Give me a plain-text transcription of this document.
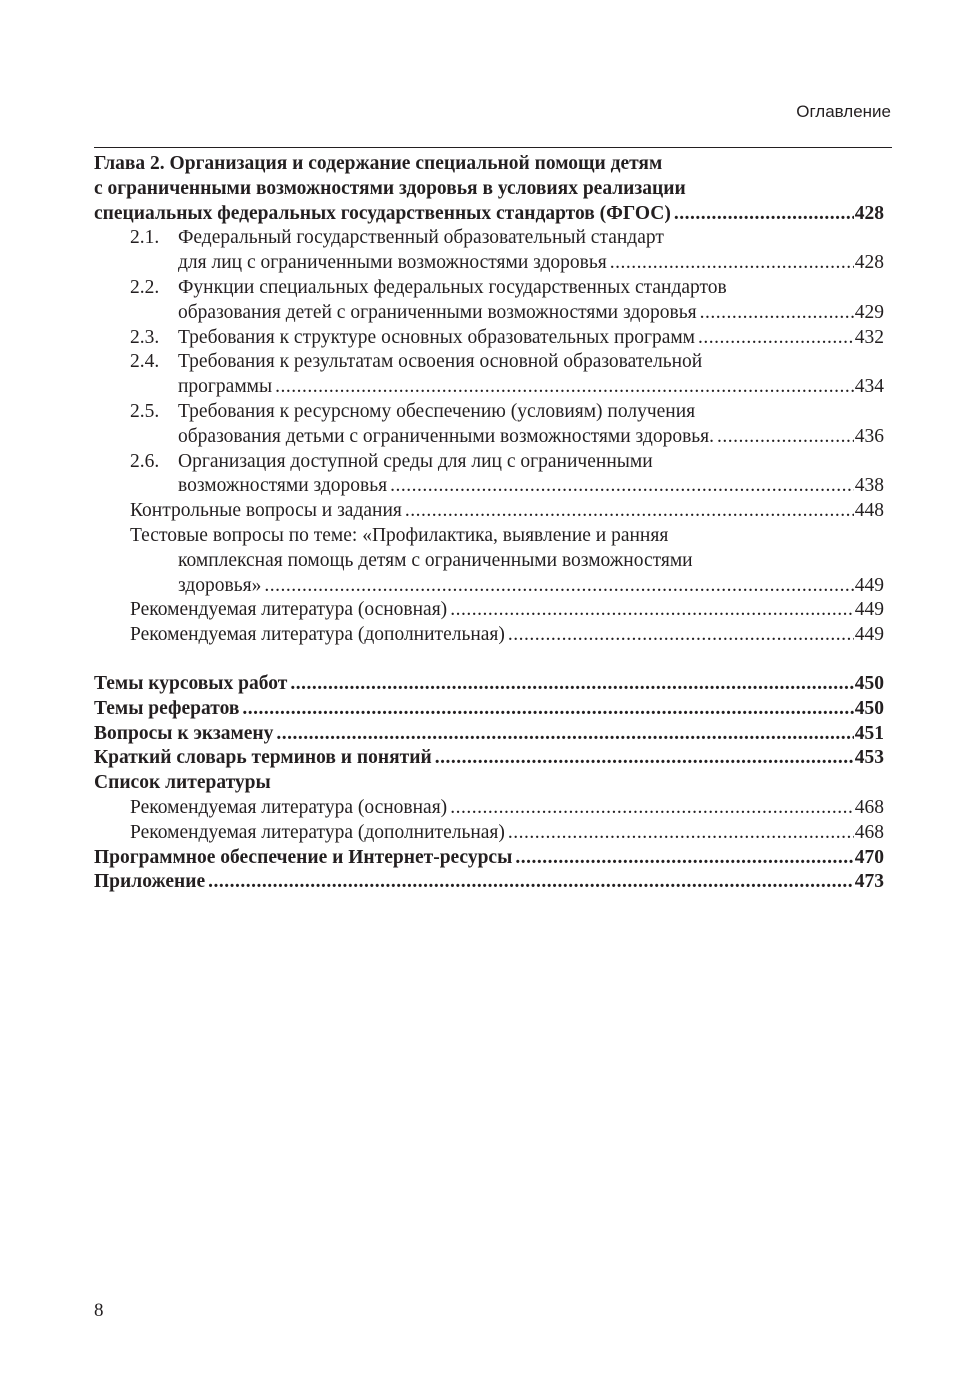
Оглавление
Глава 2. Организация и содержание специальной помощи детям
с ограниченными возможностями здоровья в условиях реализации
специальных федеральных государственных стандартов (ФГОС) .....	428
2.1. Федеральный государственный образовательный стандарт
для лиц с ограниченными возможностями здоровья .....	428
2.2. Функции специальных федеральных государственных стандартов
образования детей с ограниченными возможностями здоровья .....	429
2.3. Требования к структуре основных образовательных программ .....	432
2.4. Требования к результатам освоения основной образовательной
программы .....	434
2.5. Требования к ресурсному обеспечению (условиям) получения
образования детьми с ограниченными возможностями здоровья. .....	436
2.6. Организация доступной среды для лиц с ограниченными
возможностями здоровья .....	438
Контрольные вопросы и задания .....	448
Тестовые вопросы по теме: «Профилактика, выявление и ранняя
комплексная помощь детям с ограниченными возможностями
здоровья» .....	449
Рекомендуемая литература (основная) .....	449
Рекомендуемая литература (дополнительная) .....	449
Темы курсовых работ .....	450
Темы рефератов .....	450
Вопросы к экзамену .....	451
Краткий словарь терминов и понятий .....	453
Список литературы
Рекомендуемая литература (основная) .....	468
Рекомендуемая литература (дополнительная) .....	468
Программное обеспечение и Интернет-ресурсы .....	470
Приложение .....	473
8
